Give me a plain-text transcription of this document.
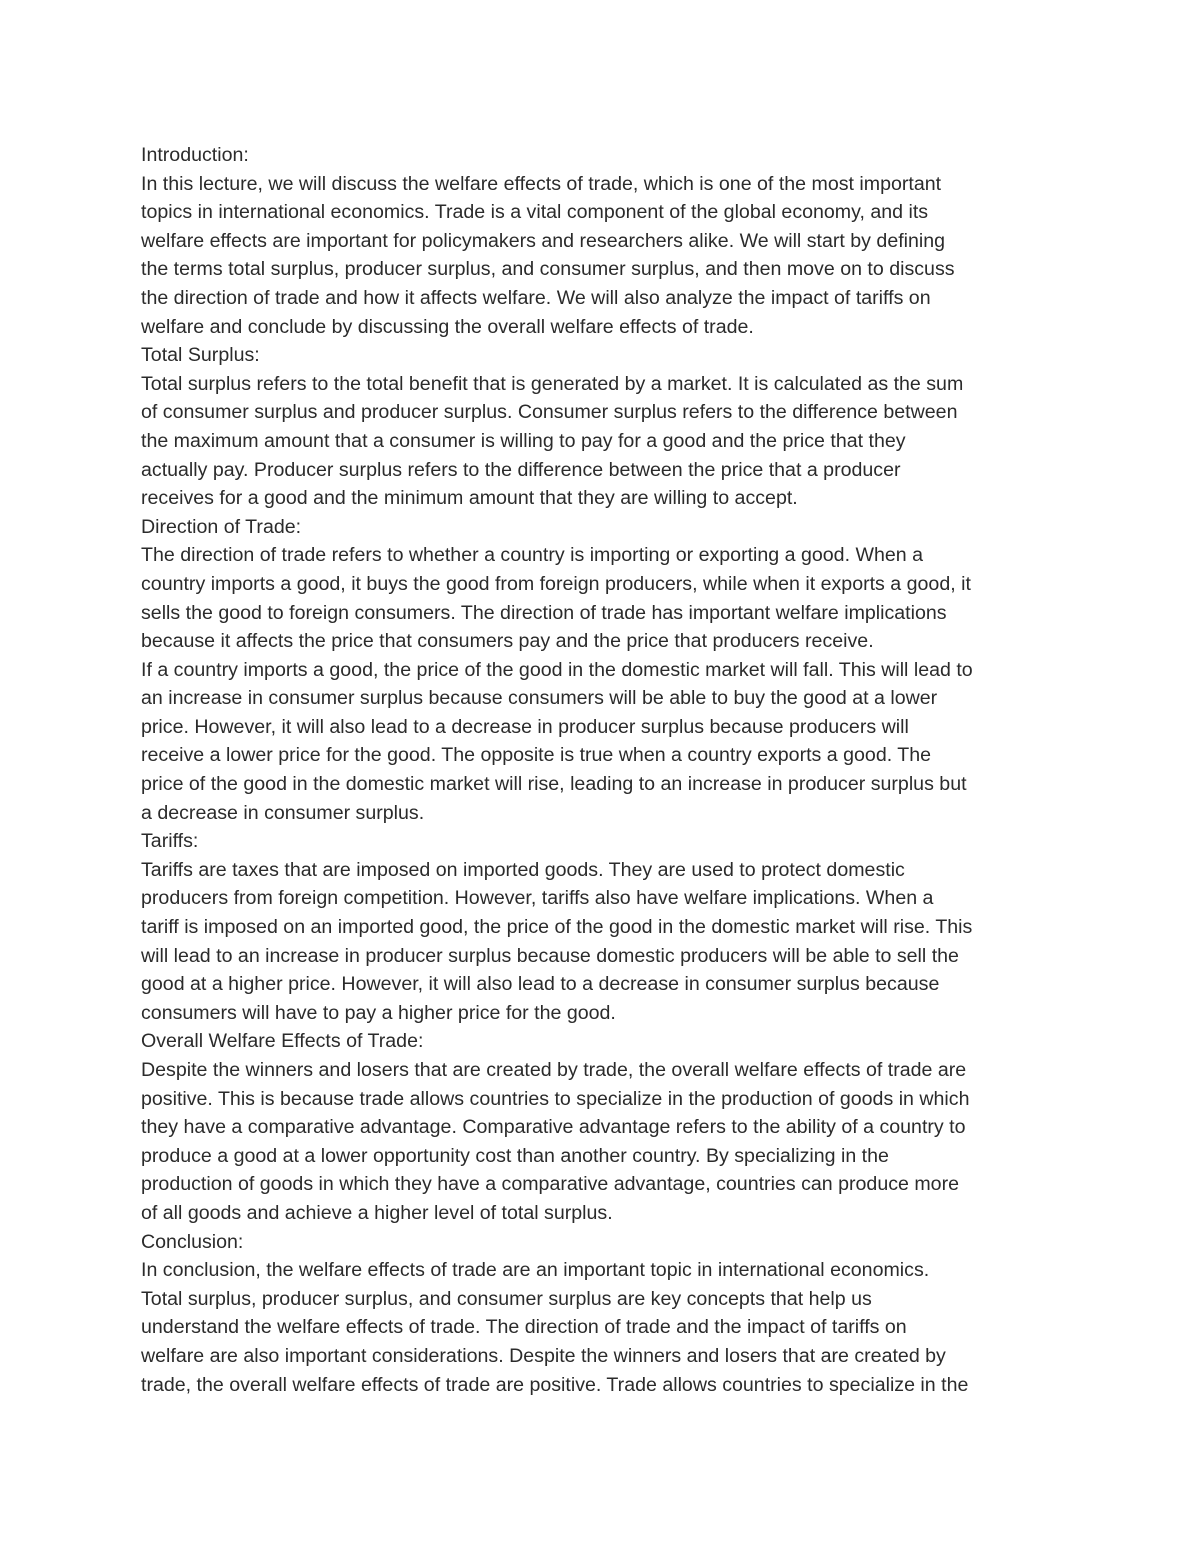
Introduction:
In this lecture, we will discuss the welfare effects of trade, which is one of the most important
topics in international economics. Trade is a vital component of the global economy, and its
welfare effects are important for policymakers and researchers alike. We will start by defining
the terms total surplus, producer surplus, and consumer surplus, and then move on to discuss
the direction of trade and how it affects welfare. We will also analyze the impact of tariffs on
welfare and conclude by discussing the overall welfare effects of trade.
Total Surplus:
Total surplus refers to the total benefit that is generated by a market. It is calculated as the sum
of consumer surplus and producer surplus. Consumer surplus refers to the difference between
the maximum amount that a consumer is willing to pay for a good and the price that they
actually pay. Producer surplus refers to the difference between the price that a producer
receives for a good and the minimum amount that they are willing to accept.
Direction of Trade:
The direction of trade refers to whether a country is importing or exporting a good. When a
country imports a good, it buys the good from foreign producers, while when it exports a good, it
sells the good to foreign consumers. The direction of trade has important welfare implications
because it affects the price that consumers pay and the price that producers receive.
If a country imports a good, the price of the good in the domestic market will fall. This will lead to
an increase in consumer surplus because consumers will be able to buy the good at a lower
price. However, it will also lead to a decrease in producer surplus because producers will
receive a lower price for the good. The opposite is true when a country exports a good. The
price of the good in the domestic market will rise, leading to an increase in producer surplus but
a decrease in consumer surplus.
Tariffs:
Tariffs are taxes that are imposed on imported goods. They are used to protect domestic
producers from foreign competition. However, tariffs also have welfare implications. When a
tariff is imposed on an imported good, the price of the good in the domestic market will rise. This
will lead to an increase in producer surplus because domestic producers will be able to sell the
good at a higher price. However, it will also lead to a decrease in consumer surplus because
consumers will have to pay a higher price for the good.
Overall Welfare Effects of Trade:
Despite the winners and losers that are created by trade, the overall welfare effects of trade are
positive. This is because trade allows countries to specialize in the production of goods in which
they have a comparative advantage. Comparative advantage refers to the ability of a country to
produce a good at a lower opportunity cost than another country. By specializing in the
production of goods in which they have a comparative advantage, countries can produce more
of all goods and achieve a higher level of total surplus.
Conclusion:
In conclusion, the welfare effects of trade are an important topic in international economics.
Total surplus, producer surplus, and consumer surplus are key concepts that help us
understand the welfare effects of trade. The direction of trade and the impact of tariffs on
welfare are also important considerations. Despite the winners and losers that are created by
trade, the overall welfare effects of trade are positive. Trade allows countries to specialize in the
